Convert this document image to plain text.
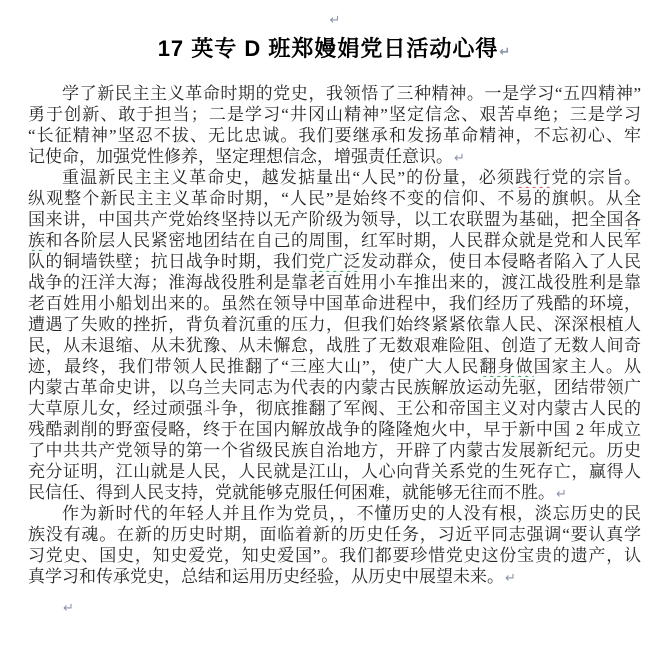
↵
17 英专 D 班郑嫚娟党日活动心得↵
学了新民主主义革命时期的党史，我领悟了三种精神。一是学习“五四精神”
勇于创新、敢于担当；二是学习“井冈山精神”坚定信念、艰苦卓绝；三是学习
“长征精神”坚忍不拔、无比忠诚。我们要继承和发扬革命精神，不忘初心、牢
记使命，加强党性修养，坚定理想信念，增强责任意识。↵
重温新民主主义革命史，越发掂量出“人民”的份量，必须践行党的宗旨。
纵观整个新民主主义革命时期，“人民”是始终不变的信仰、不易的旗帜。从全
国来讲，中国共产党始终坚持以无产阶级为领导，以工农联盟为基础，把全国各
族和各阶层人民紧密地团结在自己的周围，红军时期，人民群众就是党和人民军
队的铜墙铁壁；抗日战争时期，我们党广泛发动群众，使日本侵略者陷入了人民
战争的汪洋大海；淮海战役胜利是靠老百姓用小车推出来的，渡江战役胜利是靠
老百姓用小船划出来的。虽然在领导中国革命进程中，我们经历了残酷的环境，
遭遇了失败的挫折，背负着沉重的压力，但我们始终紧紧依靠人民、深深根植人
民，从未退缩、从未犹豫、从未懈怠，战胜了无数艰难险阻、创造了无数人间奇
迹，最终，我们带领人民推翻了“三座大山”，使广大人民翻身做国家主人。从
内蒙古革命史讲，以乌兰夫同志为代表的内蒙古民族解放运动先驱，团结带领广
大草原儿女，经过顽强斗争，彻底推翻了军阀、王公和帝国主义对内蒙古人民的
残酷剥削的野蛮侵略，终于在国内解放战争的隆隆炮火中，早于新中国 2 年成立
了中共共产党领导的第一个省级民族自治地方，开辟了内蒙古发展新纪元。历史
充分证明，江山就是人民，人民就是江山，人心向背关系党的生死存亡，赢得人
民信任、得到人民支持，党就能够克服任何困难，就能够无往而不胜。↵
作为新时代的年轻人并且作为党员，，不懂历史的人没有根，淡忘历史的民
族没有魂。在新的历史时期，面临着新的历史任务，习近平同志强调“要认真学
习党史、国史，知史爱党，知史爱国”。我们都要珍惜党史这份宝贵的遗产，认
真学习和传承党史，总结和运用历史经验，从历史中展望未来。↵
↵
